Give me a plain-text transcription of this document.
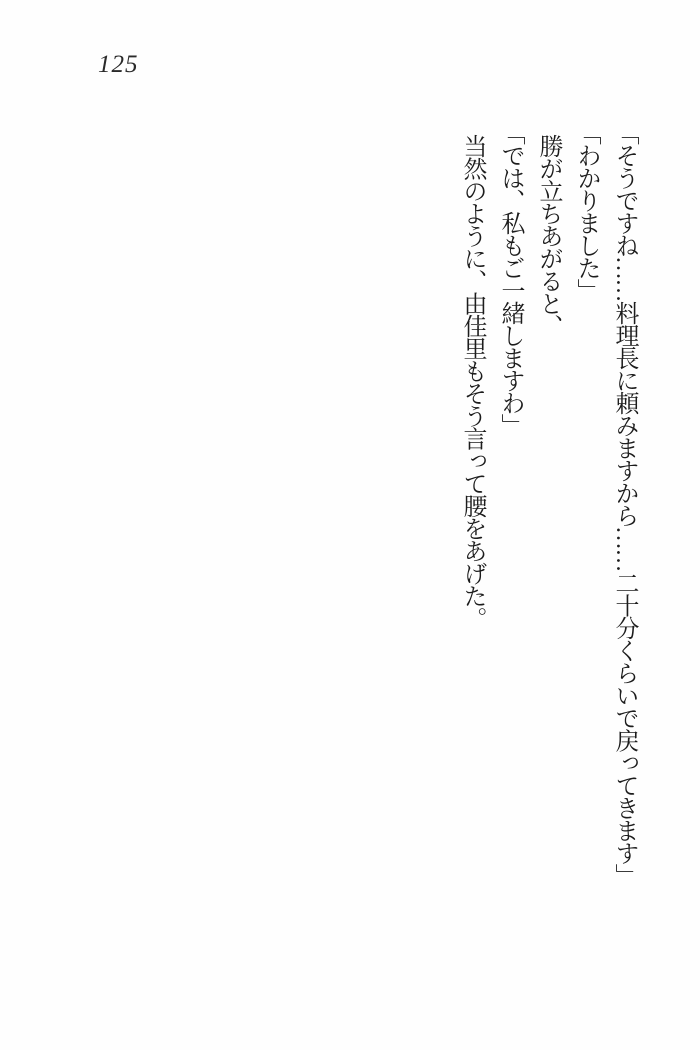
125

「そうですね……料理長に頼みますから……二十分くらいで戻ってきます」

「わかりました」

勝が立ちあがると、

「では、私もご一緒しますわ」

当然のように、由佳里もそう言って腰をあげた。
